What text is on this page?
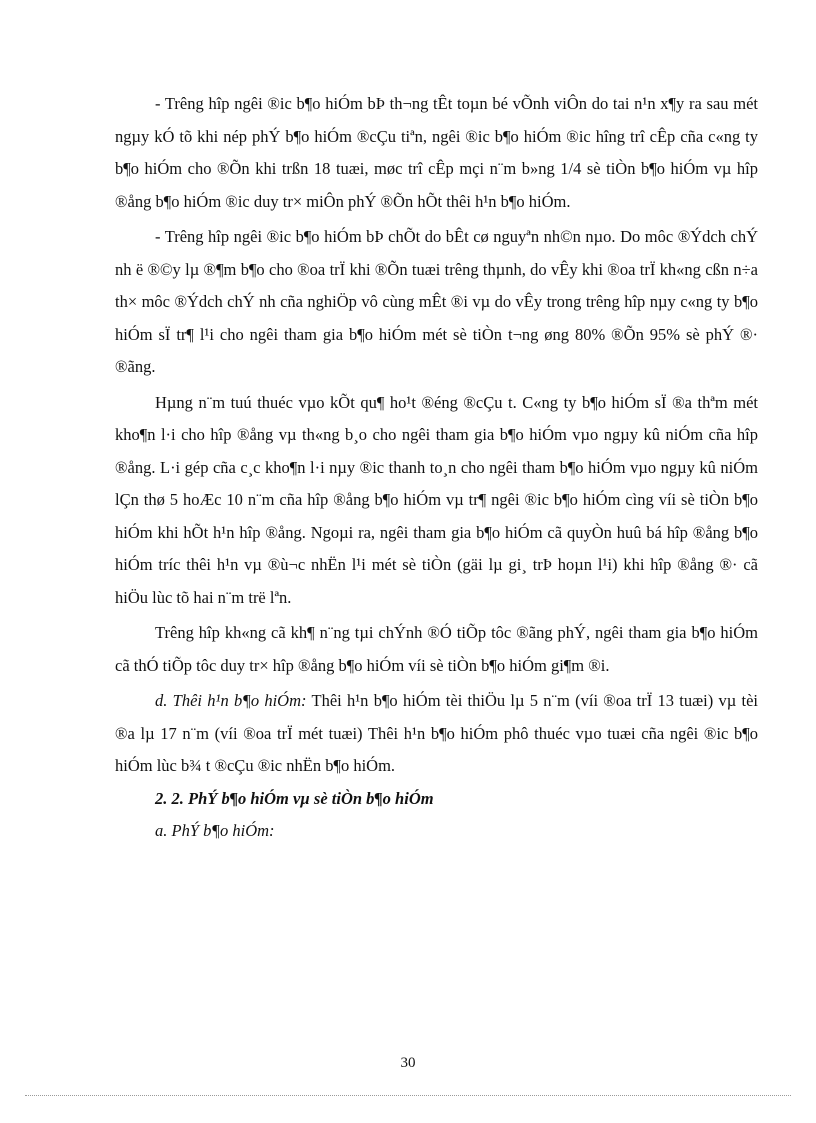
- Trêng hîp ngêi ®ic b¶o hiÓm bÞ th¬ng tÊt toµn bé vÕnh viÔn do tai n¹n x¶y ra sau mét ngµy kÓ tõ khi nép phÝ b¶o hiÓm ®cÇu tiªn, ngêi ®ic b¶o hiÓm ®ic hîng trî cÊp cña c«ng ty b¶o hiÓm cho ®Õn khi trßn 18 tuæi, møc trî cÊp mçi n¨m b»ng 1/4 sè tiÒn b¶o hiÓm vµ hîp ®ång b¶o hiÓm ®ic duy tr× miÔn phÝ ®Õn hÕt thêi h¹n b¶o hiÓm.

- Trêng hîp ngêi ®ic b¶o hiÓm bÞ chÕt do bÊt cø nguyªn nh©n nµo. Do môc ®Ýdch chÝ nh ë ®©y lµ ®¶m b¶o cho ®oa trÏ khi ®Õn tuæi trêng thµnh, do vÊy khi ®oa trÏ kh«ng cßn n÷a th× môc ®Ýdch chÝ nh cña nghiÖp vô cùng mÊt ®i vµ do vÊy trong trêng hîp nµy c«ng ty b¶o hiÓm sÏ tr¶ l¹i cho ngêi tham gia b¶o hiÓm mét sè tiÒn t¬ng øng 80% ®Õn 95% sè phÝ ®· ®ãng.

Hµng n¨m tuú thuéc vµo kÕt qu¶ ho¹t ®éng ®cÇu t. C«ng ty b¶o hiÓm sÏ ®a thªm mét kho¶n l·i cho hîp ®ång vµ th«ng b¸o cho ngêi tham gia b¶o hiÓm vµo ngµy kû niÓm cña hîp ®ång. L·i gép cña c¸c kho¶n l·i nµy ®ic thanh to¸n cho ngêi tham b¶o hiÓm vµo ngµy kû niÓm lÇn thø 5 hoÆc 10 n¨m cña hîp ®ång b¶o hiÓm vµ tr¶ ngêi ®ic b¶o hiÓm cìng víi sè tiÒn b¶o hiÓm khi hÕt h¹n hîp ®ång. Ngoµi ra, ngêi tham gia b¶o hiÓm cã quyÒn huû bá hîp ®ång b¶o hiÓm tríc thêi h¹n vµ ®ù¬c nhËn l¹i mét sè tiÒn (gäi lµ gi¸ trÞ hoµn l¹i) khi hîp ®ång ®· cã hiÖu lùc tõ hai n¨m trë lªn.

Trêng hîp kh«ng cã kh¶ n¨ng tµi chÝnh ®Ó tiÕp tôc ®ãng phÝ, ngêi tham gia b¶o hiÓm cã thÓ tiÕp tôc duy tr× hîp ®ång b¶o hiÓm víi sè tiÒn b¶o hiÓm gi¶m ®i.

d. Thêi h¹n b¶o hiÓm: Thêi h¹n b¶o hiÓm tèi thiÖu lµ 5 n¨m (víi ®oa trÏ 13 tuæi) vµ tèi ®a lµ 17 n¨m (víi ®oa trÏ mét tuæi) Thêi h¹n b¶o hiÓm phô thuéc vµo tuæi cña ngêi ®ic b¶o hiÓm lùc b¾ t ®cÇu ®ic nhËn b¶o hiÓm.

2. 2. PhÝ b¶o hiÓm vµ sè tiÒn b¶o hiÓm

a. PhÝ b¶o hiÓm:

30
